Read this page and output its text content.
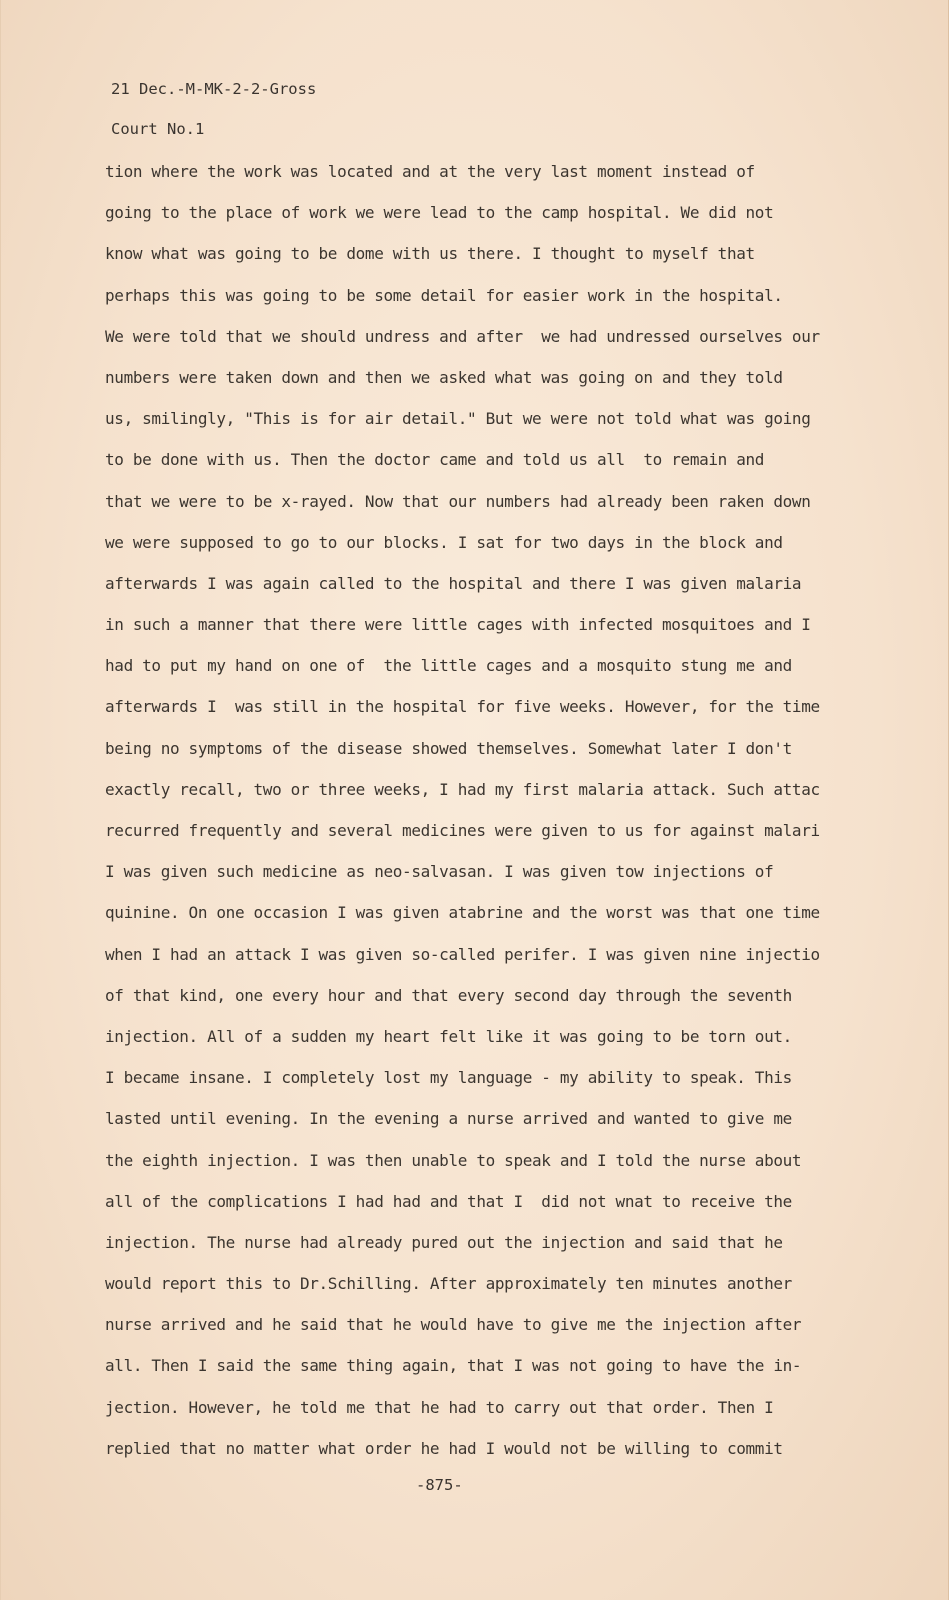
21 Dec.-M-MK-2-2-Gross
Court No.1
tion where the work was located and at the very last moment instead of
going to the place of work we were lead to the camp hospital. We did not
know what was going to be dome with us there. I thought to myself that
perhaps this was going to be some detail for easier work in the hospital.
We were told that we should undress and after  we had undressed ourselves our
numbers were taken down and then we asked what was going on and they told
us, smilingly, "This is for air detail." But we were not told what was going
to be done with us. Then the doctor came and told us all  to remain and
that we were to be x-rayed. Now that our numbers had already been raken down
we were supposed to go to our blocks. I sat for two days in the block and
afterwards I was again called to the hospital and there I was given malaria
in such a manner that there were little cages with infected mosquitoes and I
had to put my hand on one of  the little cages and a mosquito stung me and
afterwards I  was still in the hospital for five weeks. However, for the time
being no symptoms of the disease showed themselves. Somewhat later I don't
exactly recall, two or three weeks, I had my first malaria attack. Such attac
recurred frequently and several medicines were given to us for against malari
I was given such medicine as neo-salvasan. I was given tow injections of
quinine. On one occasion I was given atabrine and the worst was that one time
when I had an attack I was given so-called perifer. I was given nine injectio
of that kind, one every hour and that every second day through the seventh
injection. All of a sudden my heart felt like it was going to be torn out.
I became insane. I completely lost my language - my ability to speak. This
lasted until evening. In the evening a nurse arrived and wanted to give me
the eighth injection. I was then unable to speak and I told the nurse about
all of the complications I had had and that I  did not wnat to receive the
injection. The nurse had already pured out the injection and said that he
would report this to Dr.Schilling. After approximately ten minutes another
nurse arrived and he said that he would have to give me the injection after
all. Then I said the same thing again, that I was not going to have the in-
jection. However, he told me that he had to carry out that order. Then I
replied that no matter what order he had I would not be willing to commit
-875-
